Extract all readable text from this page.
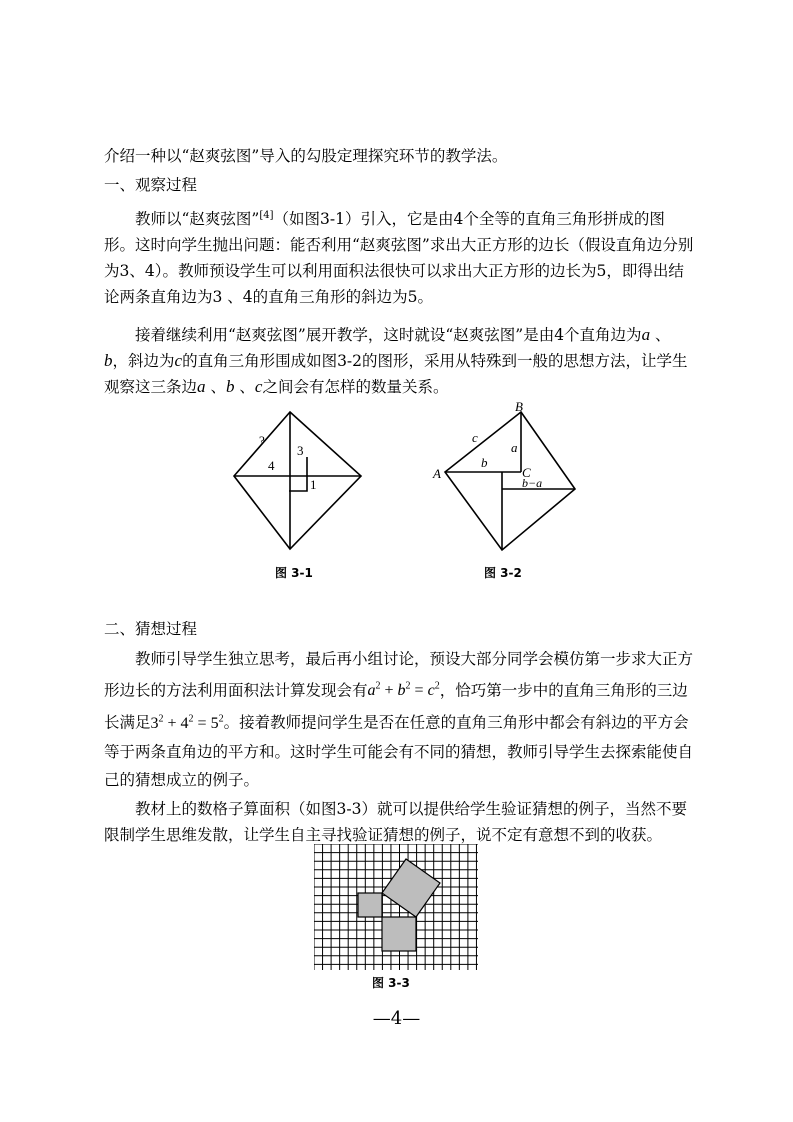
介绍一种以“赵爽弦图”导入的勾股定理探究环节的教学法。

一、观察过程

教师以“赵爽弦图”[4]（如图3-1）引入，它是由4个全等的直角三角形拼成的图形。这时向学生抛出问题：能否利用“赵爽弦图”求出大正方形的边长（假设直角边分别为3、4）。教师预设学生可以利用面积法很快可以求出大正方形的边长为5，即得出结论两条直角边为3 、4的直角三角形的斜边为5。

接着继续利用“赵爽弦图”展开教学，这时就设“赵爽弦图”是由4个直角边为a 、b，斜边为c的直角三角形围成如图3-2的图形，采用从特殊到一般的思想方法，让学生观察这三条边a 、b 、c之间会有怎样的数量关系。

?
4
3
1
图 3-1
B
A	C
c
a
b
b−a
图 3-2

二、猜想过程

教师引导学生独立思考，最后再小组讨论，预设大部分同学会模仿第一步求大正方形边长的方法利用面积法计算发现会有$a^2 + b^2 = c^2$，恰巧第一步中的直角三角形的三边长满足$3^2 + 4^2 = 5^2$。接着教师提问学生是否在任意的直角三角形中都会有斜边的平方会等于两条直角边的平方和。这时学生可能会有不同的猜想，教师引导学生去探索能使自己的猜想成立的例子。

教材上的数格子算面积（如图3-3）就可以提供给学生验证猜想的例子，当然不要限制学生思维发散，让学生自主寻找验证猜想的例子，说不定有意想不到的收获。

图 3-3
—4—
